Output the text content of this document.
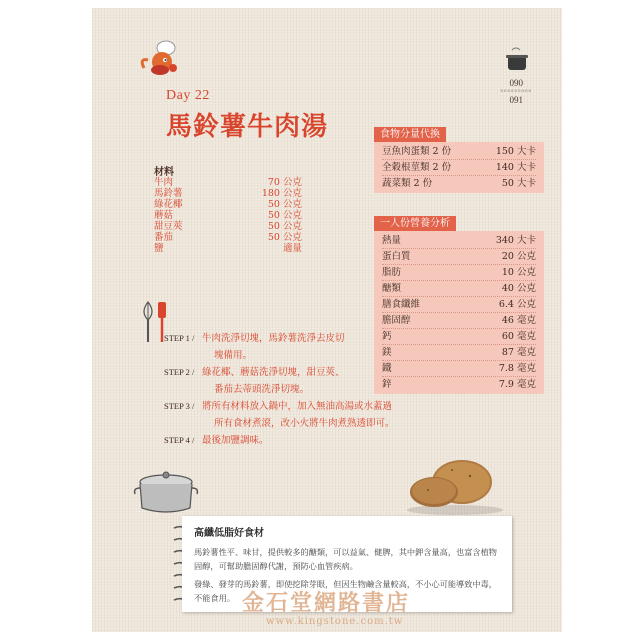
Day 22
馬鈴薯牛肉湯
090
ooooooooo
091
材料
牛肉	70 公克
馬鈴薯	180 公克
綠花椰	50 公克
蘑菇	50 公克
甜豆莢	50 公克
番茄	50 公克
鹽	適量
食物分量代換
豆魚肉蛋類 2 份	150 大卡
全穀根莖類 2 份	140 大卡
蔬菜類 2 份	50 大卡
一人份營養分析
熱量	340 大卡
蛋白質	20 公克
脂肪	10 公克
醣類	40 公克
膳食纖維	6.4 公克
膽固醇	46 毫克
鈣	60 毫克
鎂	87 毫克
鐵	7.8 毫克
鋅	7.9 毫克
STEP 1 / 牛肉洗淨切塊，馬鈴薯洗淨去皮切
塊備用。
STEP 2 / 綠花椰、蘑菇洗淨切塊，甜豆莢、
番茄去蒂頭洗淨切塊。
STEP 3 / 將所有材料放入鍋中，加入無油高湯或水蓋過
所有食材煮滾，改小火將牛肉煮熟透即可。
STEP 4 / 最後加鹽調味。
高纖低脂好食材

馬鈴薯性平、味甘，提供較多的醣類，可以益氣、健脾，其中鉀含量高，也富含植物固醇，可幫助膽固醇代謝，預防心血管疾病。

發綠、發芽的馬鈴薯，即使挖除芽眼，但因生物鹼含量較高，不小心可能導致中毒，不能食用。 金石堂網路書店
www.kingstone.com.tw
